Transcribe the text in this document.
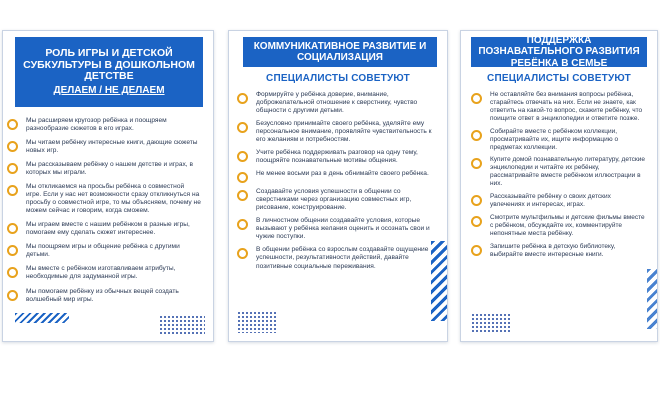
РОЛЬ ИГРЫ И ДЕТСКОЙ СУБКУЛЬТУРЫ В ДОШКОЛЬНОМ ДЕТСТВЕ
ДЕЛАЕМ / НЕ ДЕЛАЕМ
Мы расширяем кругозор ребёнка и поощряем разнообразие сюжетов в его играх.
Мы читаем ребёнку интересные книги, дающие сюжеты новых игр.
Мы рассказываем ребёнку о нашем детстве и играх, в которых мы играли.
Мы откликаемся на просьбы ребёнка о совместной игре. Если у нас нет возможности сразу откликнуться на просьбу о совместной игре, то мы объясняем, почему не можем сейчас и говорим, когда сможем.
Мы играем вместе с нашим ребёнком в разные игры, помогаем ему сделать сюжет интереснее.
Мы поощряем игры и общение ребёнка с другими детьми.
Мы вместе с ребёнком изготавливаем атрибуты, необходимые для задуманной игры.
Мы помогаем ребёнку из обычных вещей создать волшебный мир игры.
КОММУНИКАТИВНОЕ РАЗВИТИЕ И СОЦИАЛИЗАЦИЯ
СПЕЦИАЛИСТЫ СОВЕТУЮТ
Формируйте у ребёнка доверие, внимание, доброжелательной отношение к сверстнику, чувство общности с другими детьми.
Безусловно принимайте своего ребёнка, уделяйте ему персональное внимание, проявляйте чувствительность к его желаниям и потребностям.
Учите ребёнка поддерживать разговор на одну тему, поощряйте познавательные мотивы общения.
Не менее восьми раз в день обнимайте своего ребёнка.
Создавайте условия успешности в общении со сверстниками через организацию совместных игр, рисование, конструирование.
В личностном общении создавайте условия, которые вызывают у ребёнка желания оценить и осознать свои и чужие поступки.
В общении ребёнка со взрослым создавайте ощущение успешности, результативности действий, давайте позитивные социальные переживания.
ПОДДЕРЖКА ПОЗНАВАТЕЛЬНОГО РАЗВИТИЯ РЕБЁНКА В СЕМЬЕ
СПЕЦИАЛИСТЫ СОВЕТУЮТ
Не оставляйте без внимания вопросы ребёнка, старайтесь отвечать на них. Если не знаете, как ответить на какой-то вопрос, скажите ребёнку, что поищите ответ в энциклопедии и ответите позже.
Собирайте вместе с ребёнком коллекции, просматривайте их, ищите информацию о предметах коллекции.
Купите домой познавательную литературу, детские энциклопедии и читайте их ребёнку, рассматривайте вместе ребёнком иллюстрации в них.
Рассказывайте ребёнку о своих детских увлечениях и интересах, играх.
Смотрите мультфильмы и детские фильмы вместе с ребёнком, обсуждайте их, комментируйте непонятные места ребёнку.
Запишите ребёнка в детскую библиотеку, выбирайте вместе интересные книги.
